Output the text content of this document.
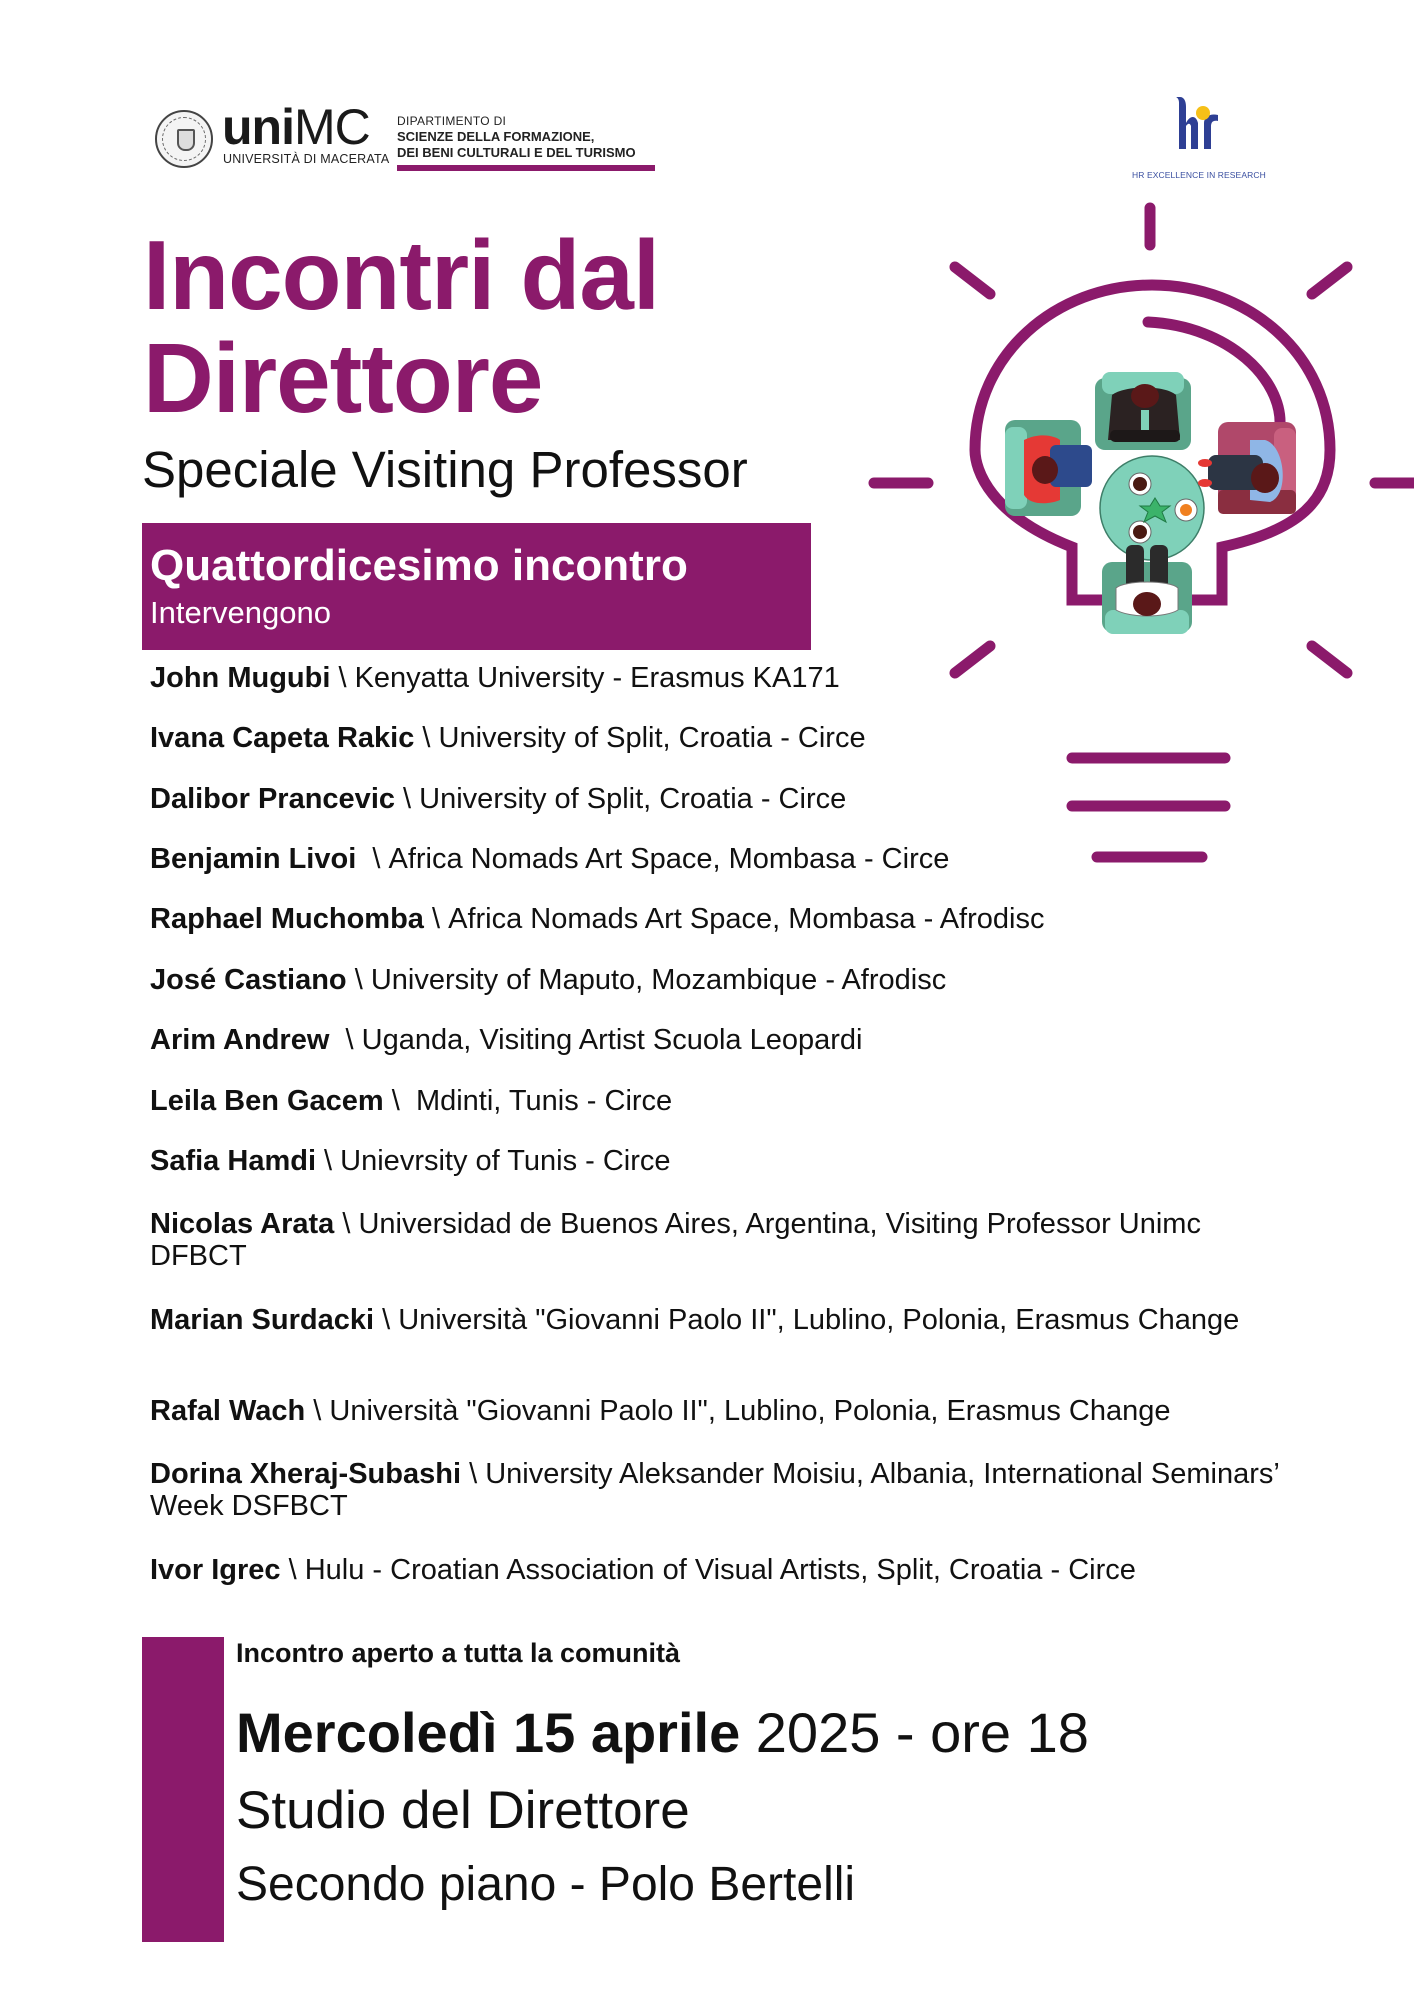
uniMC
UNIVERSITÀ DI MACERATA
DIPARTIMENTO DI
SCIENZE DELLA FORMAZIONE,
DEI BENI CULTURALI E DEL TURISMO
HR EXCELLENCE IN RESEARCH
Incontri dal
Direttore
Speciale Visiting Professor
Quattordicesimo incontro
Intervengono
John Mugubi \ Kenyatta University - Erasmus KA171
Ivana Capeta Rakic \ University of Split, Croatia - Circe
Dalibor Prancevic \ University of Split, Croatia - Circe
Benjamin Livoi  \ Africa Nomads Art Space, Mombasa - Circe
Raphael Muchomba \ Africa Nomads Art Space, Mombasa - Afrodisc
José Castiano \ University of Maputo, Mozambique - Afrodisc
Arim Andrew  \ Uganda, Visiting Artist Scuola Leopardi
Leila Ben Gacem \  Mdinti, Tunis - Circe
Safia Hamdi \ Unievrsity of Tunis - Circe
Nicolas Arata \ Universidad de Buenos Aires, Argentina, Visiting Professor Unimc DFBCT
Marian Surdacki \ Università "Giovanni Paolo II", Lublino, Polonia, Erasmus Change
Rafal Wach \ Università "Giovanni Paolo II", Lublino, Polonia, Erasmus Change
Dorina Xheraj-Subashi \ University Aleksander Moisiu, Albania, International Seminars’ Week DSFBCT
Ivor Igrec \ Hulu - Croatian Association of Visual Artists, Split, Croatia - Circe
Incontro aperto a tutta la comunità
Mercoledì 15 aprile 2025 - ore 18
Studio del Direttore
Secondo piano - Polo Bertelli
